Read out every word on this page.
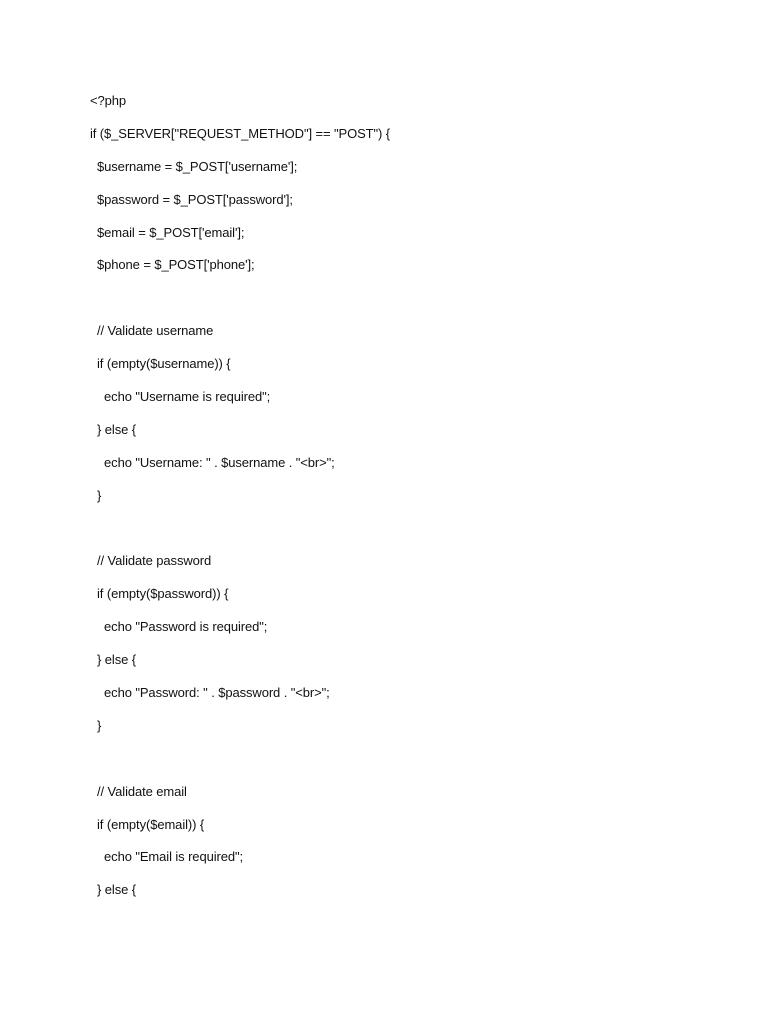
<?php
if ($_SERVER["REQUEST_METHOD"] == "POST") {
$username = $_POST['username'];
$password = $_POST['password'];
$email = $_POST['email'];
$phone = $_POST['phone'];
// Validate username
if (empty($username)) {
echo "Username is required";
} else {
echo "Username: " . $username . "<br>";
}
// Validate password
if (empty($password)) {
echo "Password is required";
} else {
echo "Password: " . $password . "<br>";
}
// Validate email
if (empty($email)) {
echo "Email is required";
} else {
